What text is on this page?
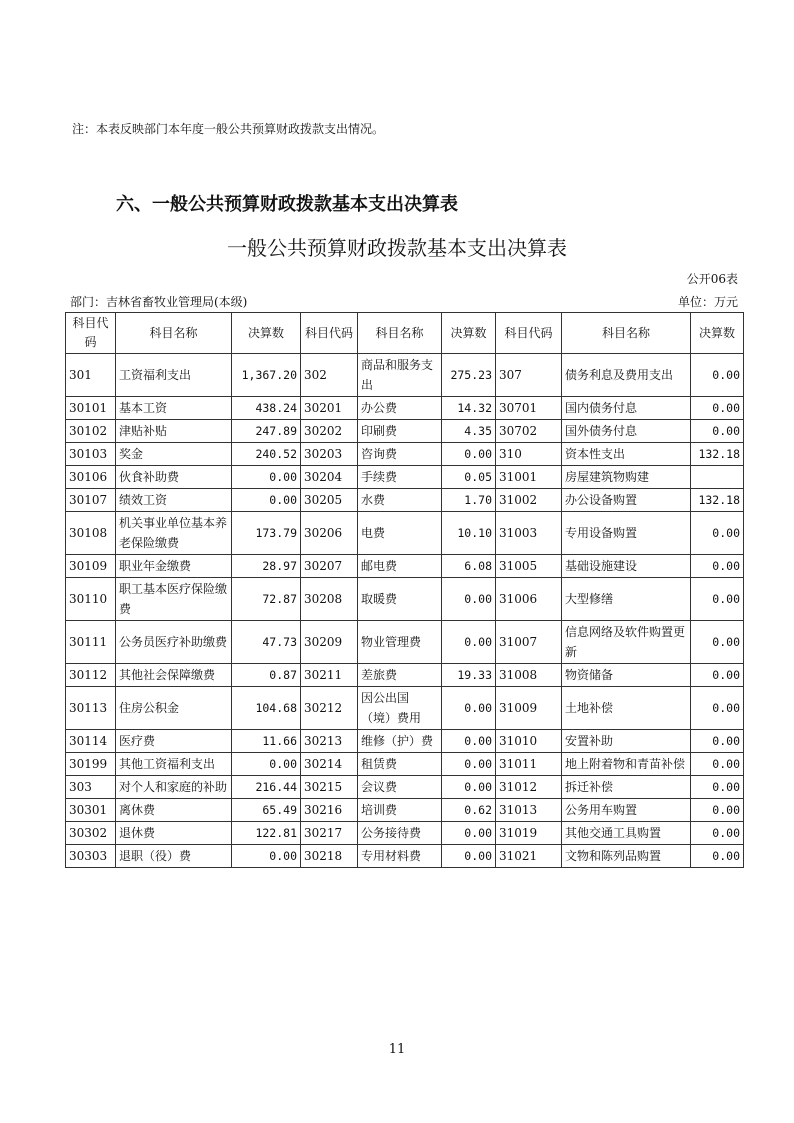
注：本表反映部门本年度一般公共预算财政拨款支出情况。
六、一般公共预算财政拨款基本支出决算表
一般公共预算财政拨款基本支出决算表
公开06表
部门：吉林省畜牧业管理局(本级)	单位：万元
科目代码	科目名称	决算数	科目代码	科目名称	决算数	科目代码	科目名称	决算数
301	工资福利支出	1,367.20	302	商品和服务支出	275.23	307	债务利息及费用支出	0.00
30101	基本工资	438.24	30201	办公费	14.32	30701	国内债务付息	0.00
30102	津贴补贴	247.89	30202	印刷费	4.35	30702	国外债务付息	0.00
30103	奖金	240.52	30203	咨询费	0.00	310	资本性支出	132.18
30106	伙食补助费	0.00	30204	手续费	0.05	31001	房屋建筑物购建	
30107	绩效工资	0.00	30205	水费	1.70	31002	办公设备购置	132.18
30108	机关事业单位基本养老保险缴费	173.79	30206	电费	10.10	31003	专用设备购置	0.00
30109	职业年金缴费	28.97	30207	邮电费	6.08	31005	基础设施建设	0.00
30110	职工基本医疗保险缴费	72.87	30208	取暖费	0.00	31006	大型修缮	0.00
30111	公务员医疗补助缴费	47.73	30209	物业管理费	0.00	31007	信息网络及软件购置更新	0.00
30112	其他社会保障缴费	0.87	30211	差旅费	19.33	31008	物资储备	0.00
30113	住房公积金	104.68	30212	因公出国（境）费用	0.00	31009	土地补偿	0.00
30114	医疗费	11.66	30213	维修（护）费	0.00	31010	安置补助	0.00
30199	其他工资福利支出	0.00	30214	租赁费	0.00	31011	地上附着物和青苗补偿	0.00
303	对个人和家庭的补助	216.44	30215	会议费	0.00	31012	拆迁补偿	0.00
30301	离休费	65.49	30216	培训费	0.62	31013	公务用车购置	0.00
30302	退休费	122.81	30217	公务接待费	0.00	31019	其他交通工具购置	0.00
30303	退职（役）费	0.00	30218	专用材料费	0.00	31021	文物和陈列品购置	0.00
11
